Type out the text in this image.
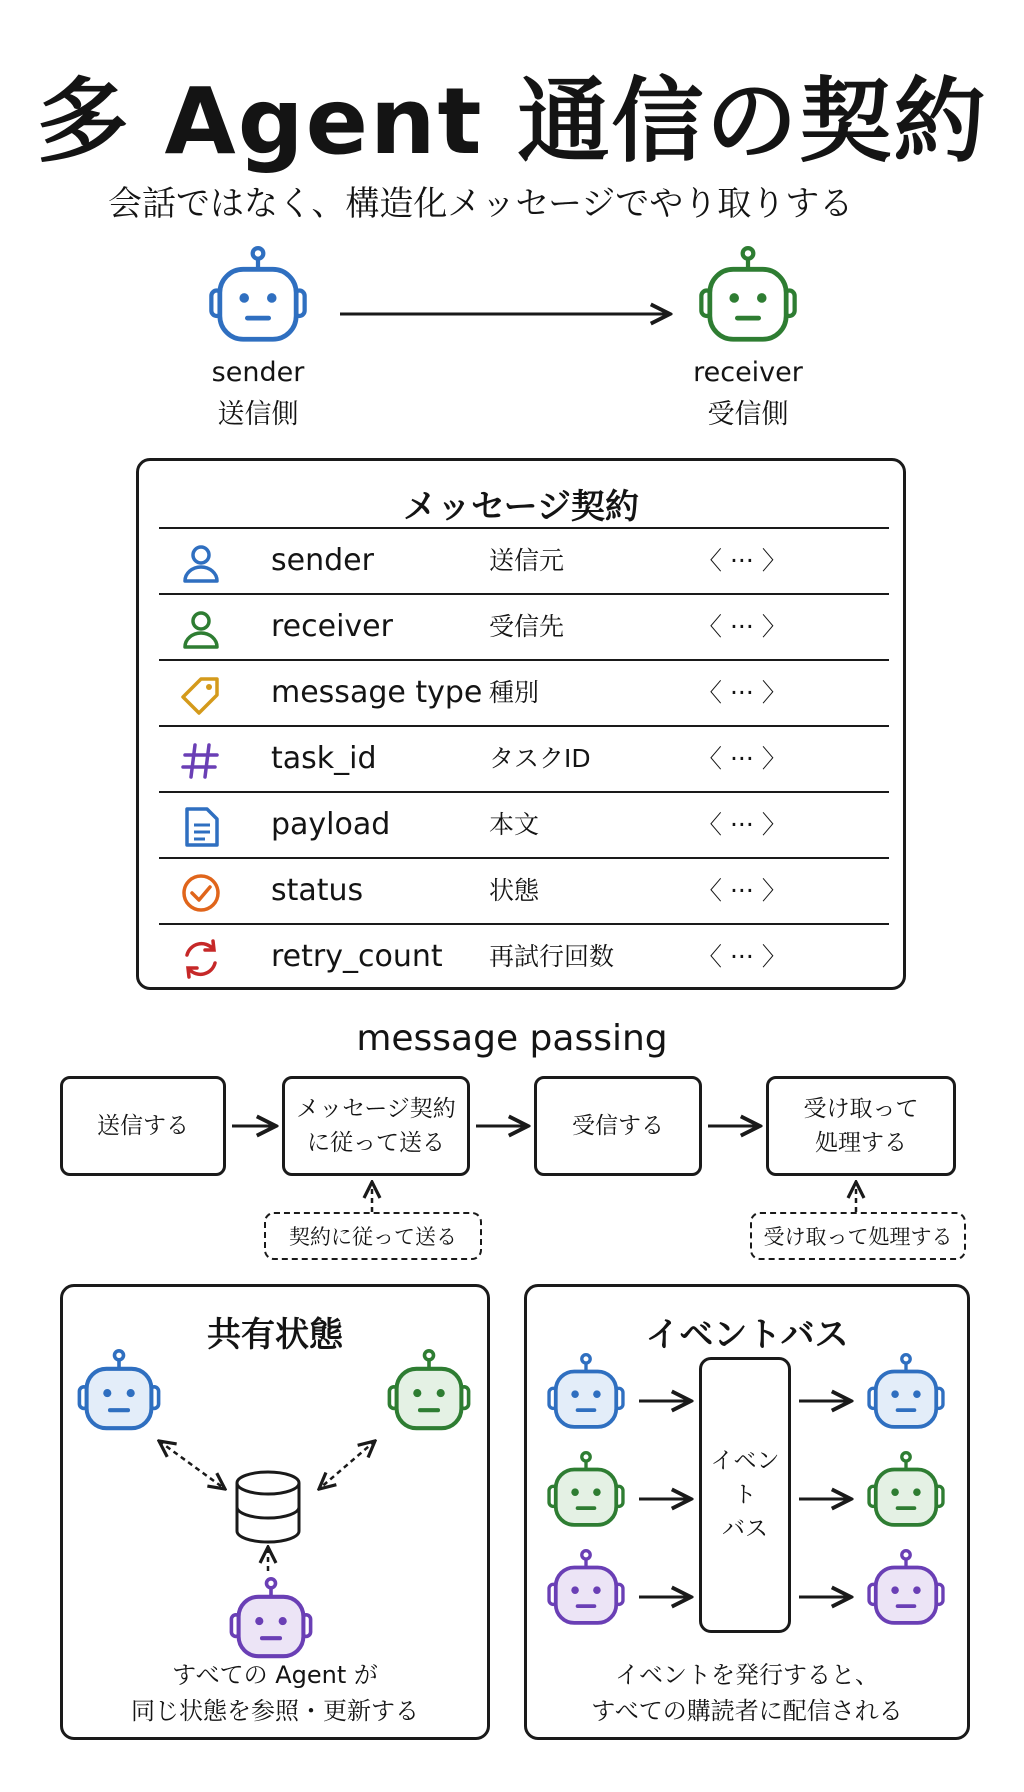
多 Agent 通信の契約
会話ではなく、構造化メッセージでやり取りする
sender
送信側
receiver
受信側
メッセージ契約
sender	送信元	〈 ··· 〉
receiver	受信先	〈 ··· 〉
message type 種別	〈 ··· 〉
task_id	タスクID	〈 ··· 〉
payload	本文	〈 ··· 〉
status	状態	〈 ··· 〉
retry_count 再試行回数	〈 ··· 〉
message passing
送信する
メッセージ契約
に従って送る
受信する
受け取って
処理する
契約に従って送る	受け取って処理する
共有状態
すべての Agent が
同じ状態を参照・更新する
イベントバス
イベント
バス
イベントを発行すると、
すべての購読者に配信される
